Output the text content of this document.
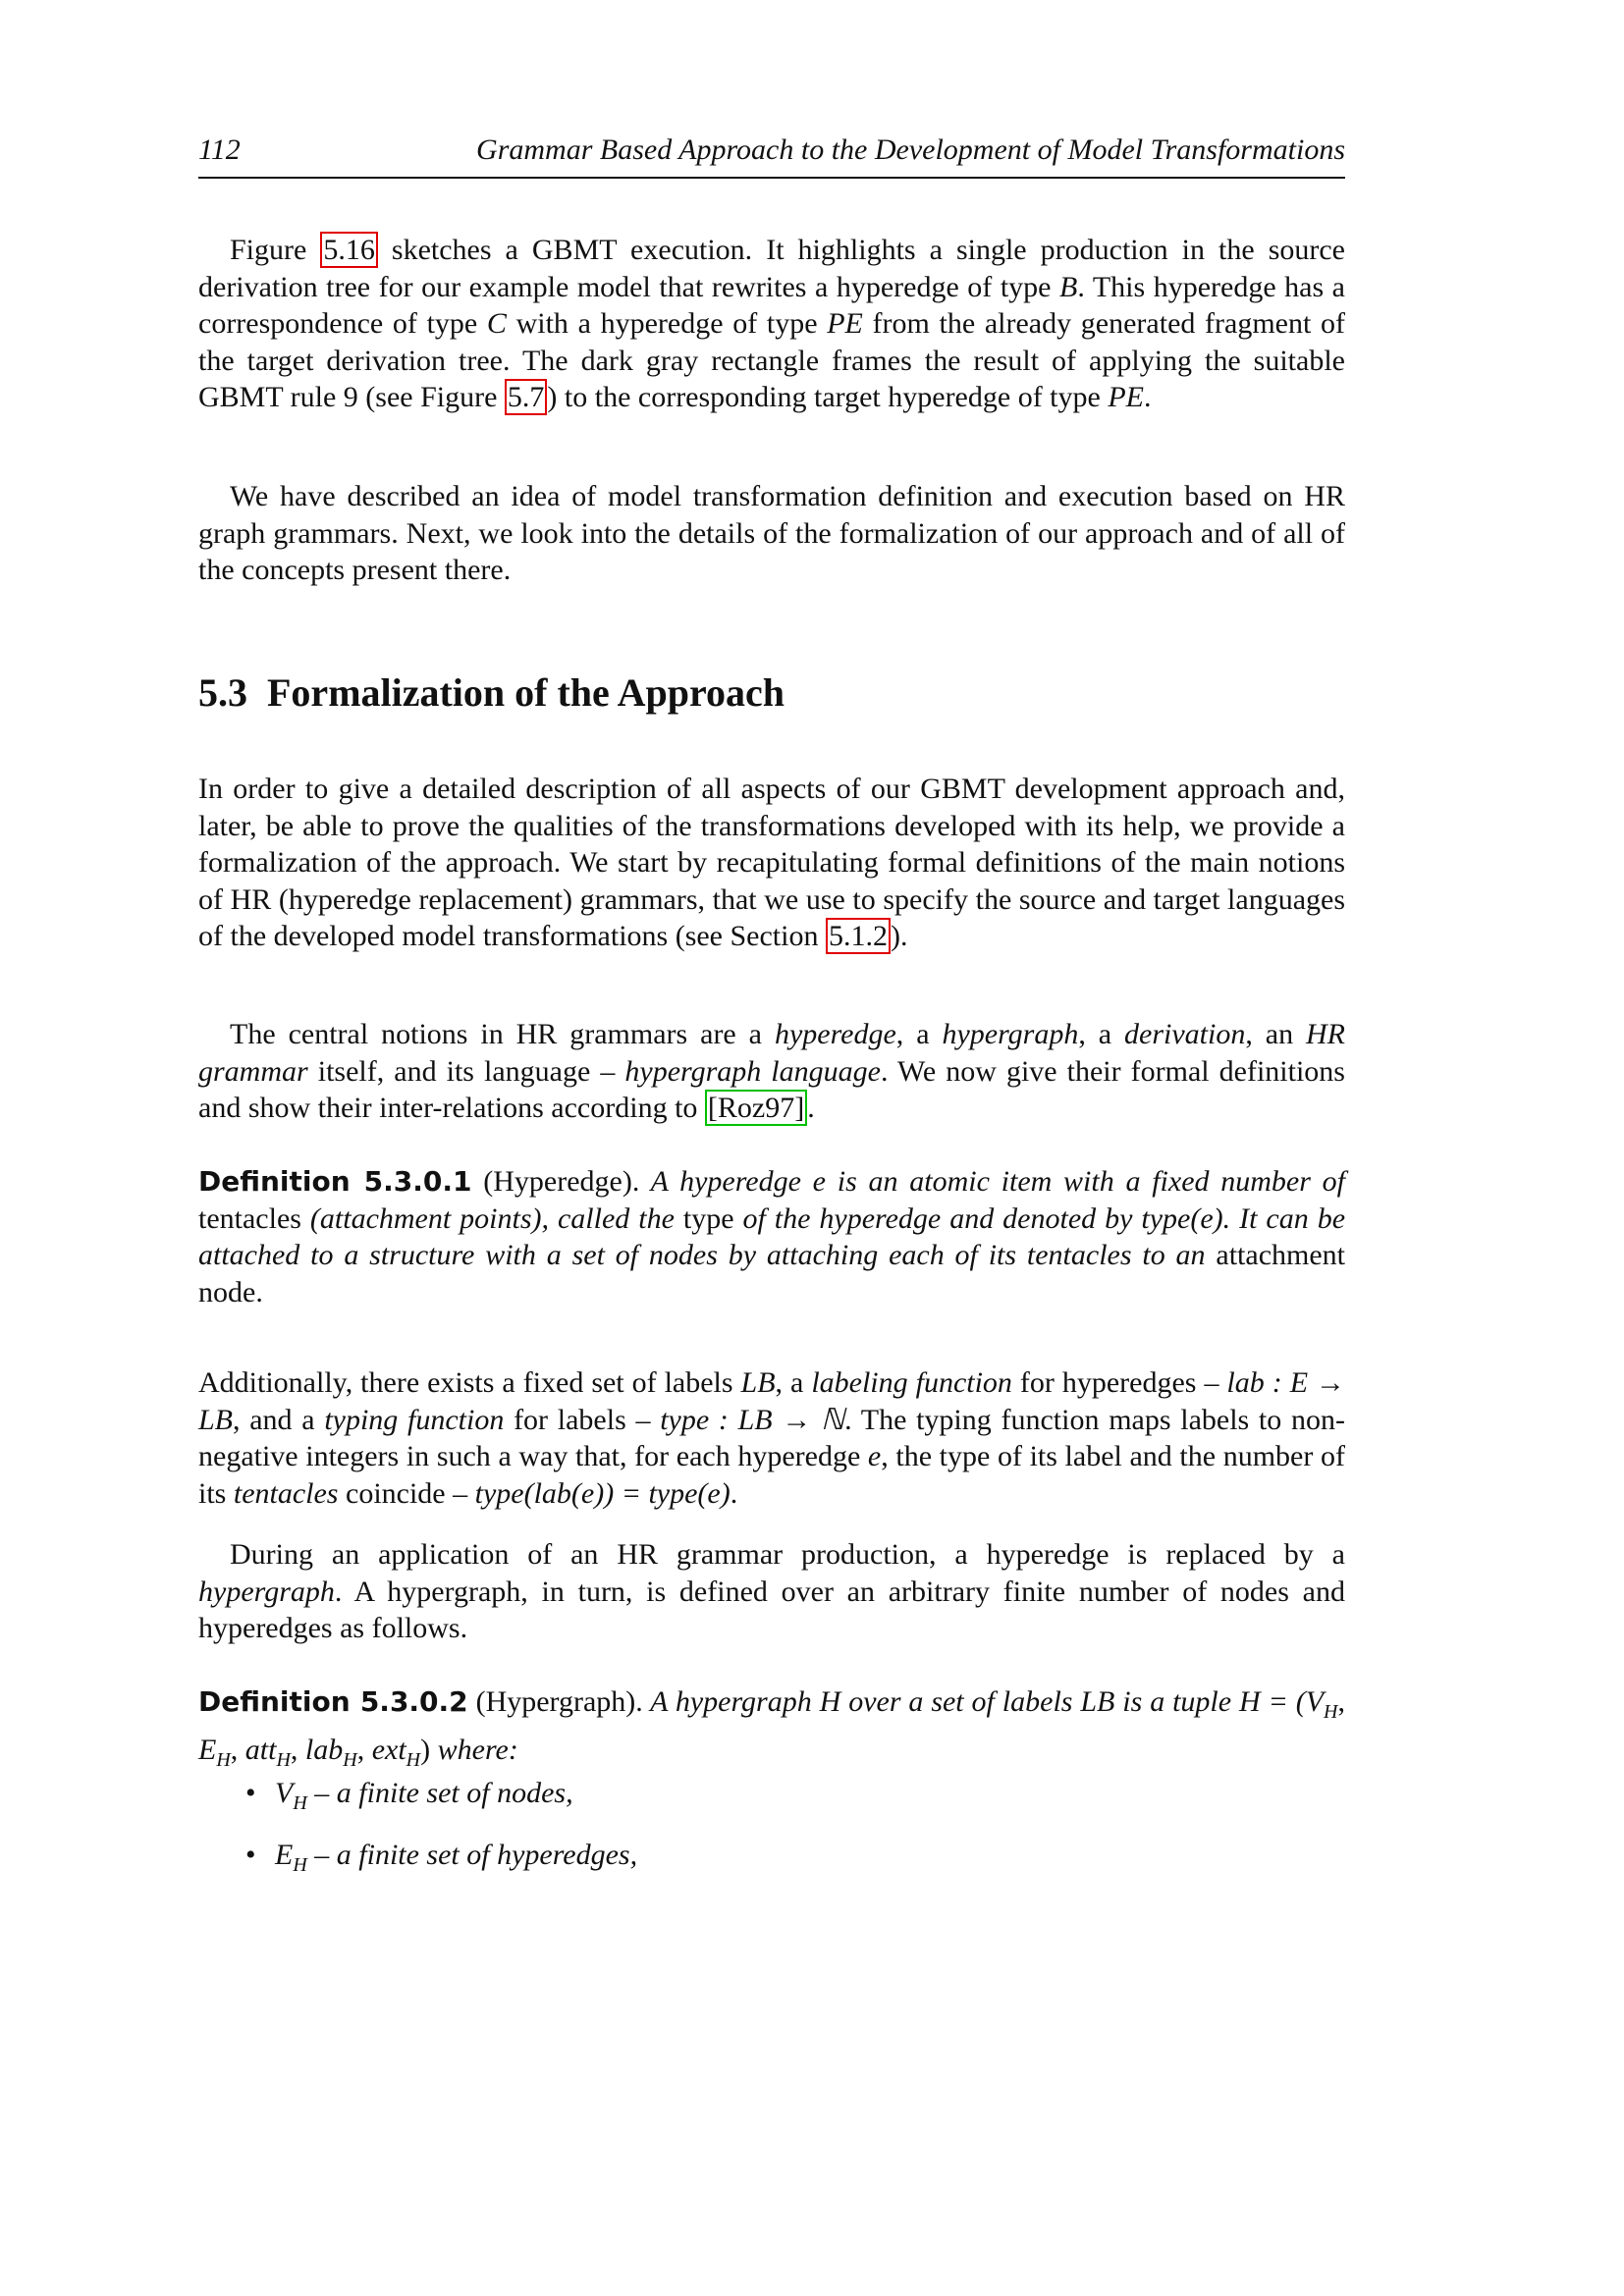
112	Grammar Based Approach to the Development of Model Transformations
Figure 5.16 sketches a GBMT execution. It highlights a single production in the source derivation tree for our example model that rewrites a hyperedge of type B. This hyperedge has a correspondence of type C with a hyperedge of type PE from the already generated fragment of the target derivation tree. The dark gray rectangle frames the result of applying the suitable GBMT rule 9 (see Figure 5.7 ) to the corresponding target hyperedge of type PE.
We have described an idea of model transformation definition and execution based on HR graph grammars. Next, we look into the details of the formalization of our approach and of all of the concepts present there.
5.3 Formalization of the Approach
In order to give a detailed description of all aspects of our GBMT development approach and, later, be able to prove the qualities of the transformations developed with its help, we provide a formalization of the approach. We start by recapitulating formal definitions of the main notions of HR (hyperedge replacement) grammars, that we use to specify the source and target languages of the developed model transformations (see Section 5.1.2 ).
The central notions in HR grammars are a hyperedge, a hypergraph, a derivation, an HR grammar itself, and its language – hypergraph language. We now give their formal definitions and show their inter-relations according to [Roz97] .
Definition 5.3.0.1 (Hyperedge). A hyperedge e is an atomic item with a fixed number of tentacles (attachment points), called the type of the hyperedge and denoted by type(e). It can be attached to a structure with a set of nodes by attaching each of its tentacles to an attachment node.
Additionally, there exists a fixed set of labels LB, a labeling function for hyperedges – lab : E → LB, and a typing function for labels – type : LB → ℕ. The typing function maps labels to non-negative integers in such a way that, for each hyperedge e, the type of its label and the number of its tentacles coincide – type(lab(e)) = type(e).
During an application of an HR grammar production, a hyperedge is replaced by a hypergraph. A hypergraph, in turn, is defined over an arbitrary finite number of nodes and hyperedges as follows.
Definition 5.3.0.2 (Hypergraph). A hypergraph H over a set of labels LB is a tuple $H = (V_H$, $E_H$, att$_H$, lab$_H$, ext$_H$) where:
• $V_H$ – a finite set of nodes,
• $E_H$ – a finite set of hyperedges,
